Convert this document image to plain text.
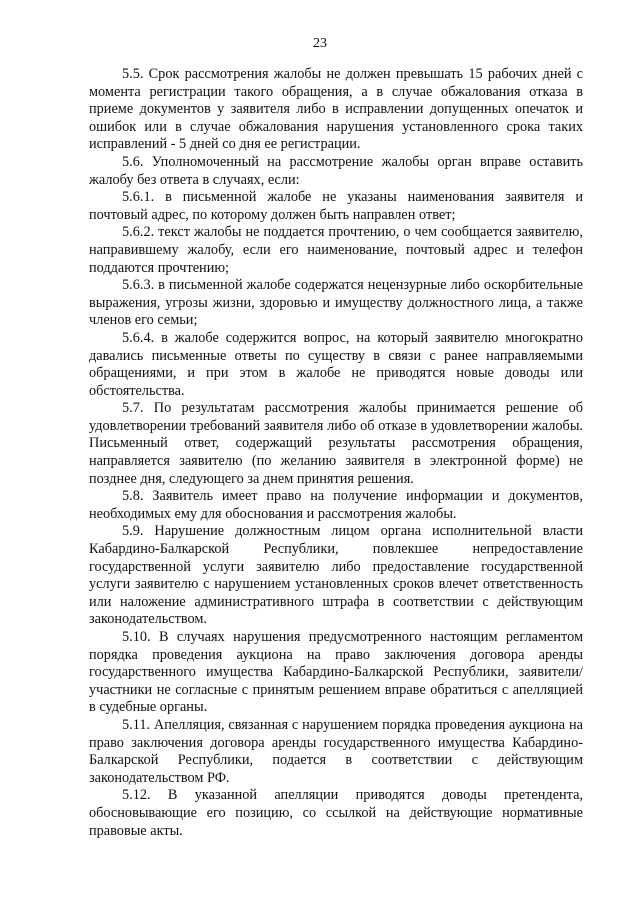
23

5.5. Срок рассмотрения жалобы не должен превышать 15 рабочих дней с момента регистрации такого обращения, а в случае обжалования отказа в приеме документов у заявителя либо в исправлении допущенных опечаток и ошибок или в случае обжалования нарушения установленного срока таких исправлений - 5 дней со дня ее регистрации.

5.6. Уполномоченный на рассмотрение жалобы орган вправе оставить жалобу без ответа в случаях, если:

5.6.1. в письменной жалобе не указаны наименования заявителя и почтовый адрес, по которому должен быть направлен ответ;

5.6.2. текст жалобы не поддается прочтению, о чем сообщается заявителю, направившему жалобу, если его наименование, почтовый адрес и телефон поддаются прочтению;

5.6.3. в письменной жалобе содержатся нецензурные либо оскорбительные выражения, угрозы жизни, здоровью и имуществу должностного лица, а также членов его семьи;

5.6.4. в жалобе содержится вопрос, на который заявителю многократно давались письменные ответы по существу в связи с ранее направляемыми обращениями, и при этом в жалобе не приводятся новые доводы или обстоятельства.

5.7. По результатам рассмотрения жалобы принимается решение об удовлетворении требований заявителя либо об отказе в удовлетворении жалобы. Письменный ответ, содержащий результаты рассмотрения обращения, направляется заявителю (по желанию заявителя в электронной форме) не позднее дня, следующего за днем принятия решения.

5.8. Заявитель имеет право на получение информации и документов, необходимых ему для обоснования и рассмотрения жалобы.

5.9. Нарушение должностным лицом органа исполнительной власти Кабардино-Балкарской Республики, повлекшее непредоставление государственной услуги заявителю либо предоставление государственной услуги заявителю с нарушением установленных сроков влечет ответственность или наложение административного штрафа в соответствии с действующим законодательством.

5.10. В случаях нарушения предусмотренного настоящим регламентом порядка проведения аукциона на право заключения договора аренды государственного имущества Кабардино-Балкарской Республики, заявители/участники не согласные с принятым решением вправе обратиться с апелляцией в судебные органы.

5.11. Апелляция, связанная с нарушением порядка проведения аукциона на право заключения договора аренды государственного имущества Кабардино-Балкарской Республики, подается в соответствии с действующим законодательством РФ.

5.12. В указанной апелляции приводятся доводы претендента, обосновывающие его позицию, со ссылкой на действующие нормативные правовые акты.
